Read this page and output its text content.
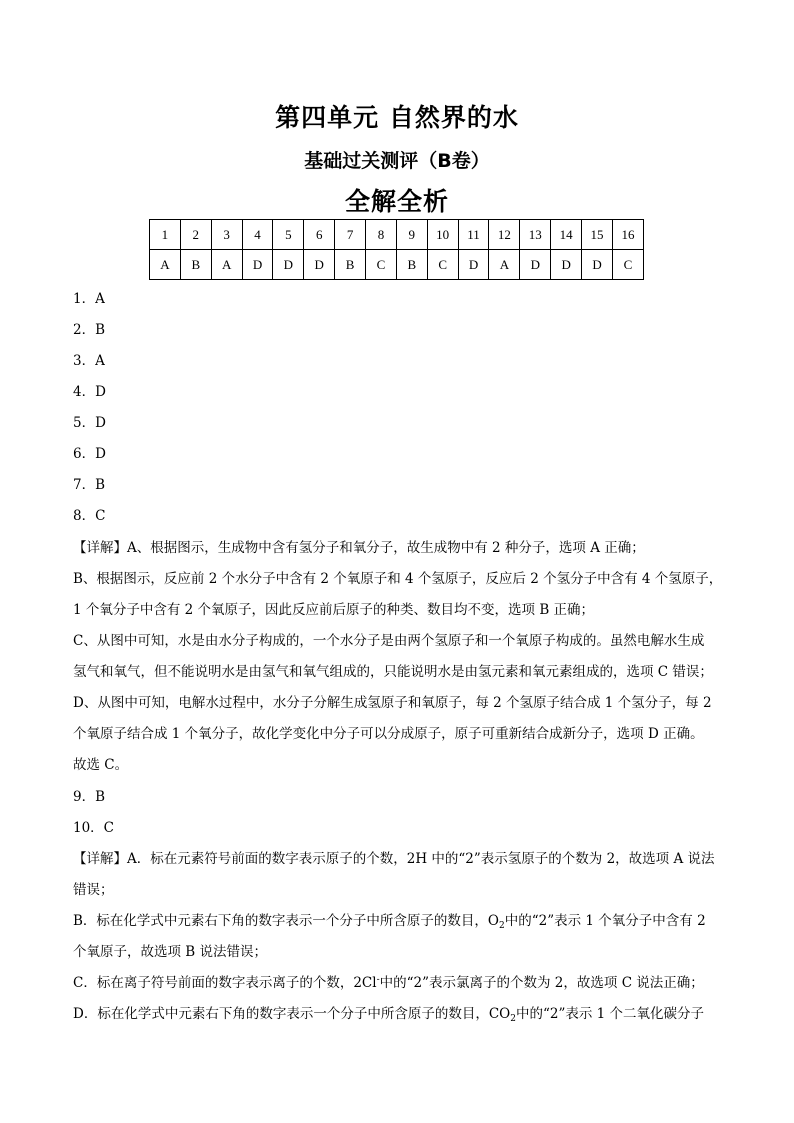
第四单元 自然界的水
基础过关测评（B卷）
全解全析
1	2	3	4	5	6	7	8	9	10	11	12	13	14	15	16
A	B	A	D	D	D	B	C	B	C	D	A	D	D	D	C
1．A
2．B
3．A
4．D
5．D
6．D
7．B
8．C
【详解】A、根据图示，生成物中含有氢分子和氧分子，故生成物中有 2 种分子，选项 A 正确；
B、根据图示，反应前 2 个水分子中含有 2 个氧原子和 4 个氢原子，反应后 2 个氢分子中含有 4 个氢原子，
1 个氧分子中含有 2 个氧原子，因此反应前后原子的种类、数目均不变，选项 B 正确；
C、从图中可知，水是由水分子构成的，一个水分子是由两个氢原子和一个氧原子构成的。虽然电解水生成
氢气和氧气，但不能说明水是由氢气和氧气组成的，只能说明水是由氢元素和氧元素组成的，选项 C 错误；
D、从图中可知，电解水过程中，水分子分解生成氢原子和氧原子，每 2 个氢原子结合成 1 个氢分子，每 2
个氧原子结合成 1 个氧分子，故化学变化中分子可以分成原子，原子可重新结合成新分子，选项 D 正确。
故选 C。
9．B
10．C
【详解】A．标在元素符号前面的数字表示原子的个数，2H 中的“2”表示氢原子的个数为 2，故选项 A 说法
错误；
B．标在化学式中元素右下角的数字表示一个分子中所含原子的数目，$O_2$中的“2”表示 1 个氧分子中含有 2
个氧原子，故选项 B 说法错误；
C．标在离子符号前面的数字表示离子的个数，2Cl-中的“2”表示氯离子的个数为 2，故选项 C 说法正确；
D．标在化学式中元素右下角的数字表示一个分子中所含原子的数目，$CO_2$中的“2”表示 1 个二氧化碳分子
